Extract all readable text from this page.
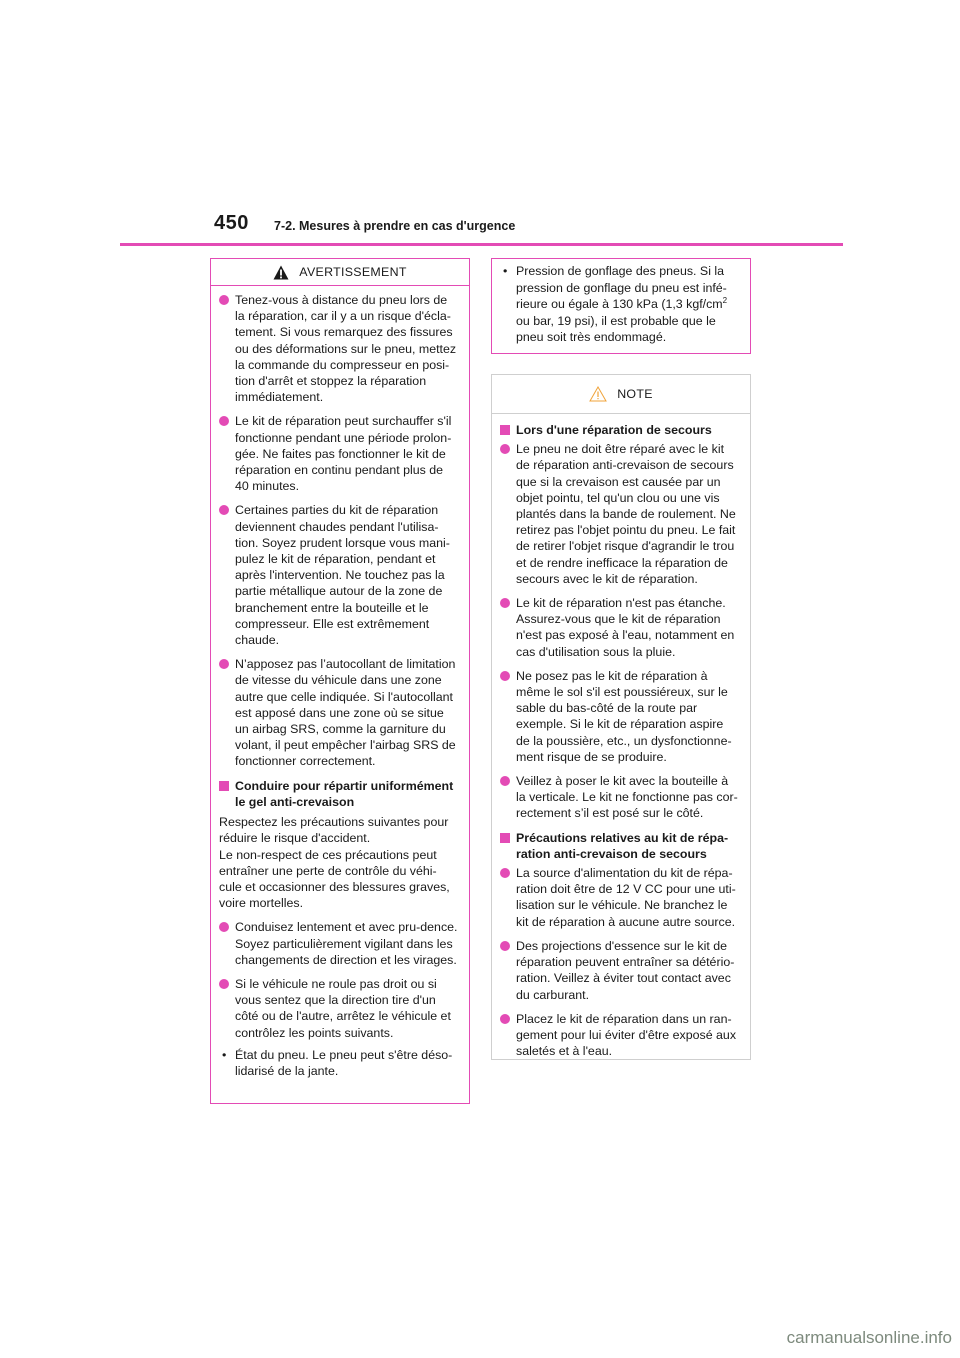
450 7-2. Mesures à prendre en cas d'urgence
AVERTISSEMENT
Tenez-vous à distance du pneu lors de la réparation, car il y a un risque d'écla-tement. Si vous remarquez des fissures ou des déformations sur le pneu, mettez la commande du compresseur en posi-tion d'arrêt et stoppez la réparation immédiatement.
Le kit de réparation peut surchauffer s'il fonctionne pendant une période prolon-gée. Ne faites pas fonctionner le kit de réparation en continu pendant plus de 40 minutes.
Certaines parties du kit de réparation deviennent chaudes pendant l'utilisa-tion. Soyez prudent lorsque vous mani-pulez le kit de réparation, pendant et après l'intervention. Ne touchez pas la partie métallique autour de la zone de branchement entre la bouteille et le compresseur. Elle est extrêmement chaude.
N’apposez pas l’autocollant de limitation de vitesse du véhicule dans une zone autre que celle indiquée. Si l'autocollant est apposé dans une zone où se situe un airbag SRS, comme la garniture du volant, il peut empêcher l'airbag SRS de fonctionner correctement.
Conduire pour répartir uniformément le gel anti-crevaison

Respectez les précautions suivantes pour réduire le risque d'accident.

Le non-respect de ces précautions peut entraîner une perte de contrôle du véhi-cule et occasionner des blessures graves, voire mortelles.

Conduisez lentement et avec pru-dence. Soyez particulièrement vigilant dans les changements de direction et les virages.
Si le véhicule ne roule pas droit ou si vous sentez que la direction tire d'un côté ou de l'autre, arrêtez le véhicule et contrôlez les points suivants.
• État du pneu. Le pneu peut s'être déso-lidarisé de la jante.
• Pression de gonflage des pneus. Si la pression de gonflage du pneu est infé-rieure ou égale à 130 kPa (1,3 kgf/$cm^2$ ou bar, 19 psi), il est probable que le pneu soit très endommagé.
NOTE
Lors d'une réparation de secours
Le pneu ne doit être réparé avec le kit de réparation anti-crevaison de secours que si la crevaison est causée par un objet pointu, tel qu'un clou ou une vis plantés dans la bande de roulement. Ne retirez pas l'objet pointu du pneu. Le fait de retirer l'objet risque d'agrandir le trou et de rendre inefficace la réparation de secours avec le kit de réparation.
Le kit de réparation n'est pas étanche. Assurez-vous que le kit de réparation n'est pas exposé à l'eau, notamment en cas d'utilisation sous la pluie.
Ne posez pas le kit de réparation à même le sol s'il est poussiéreux, sur le sable du bas-côté de la route par exemple. Si le kit de réparation aspire de la poussière, etc., un dysfonctionne-ment risque de se produire.
Veillez à poser le kit avec la bouteille à la verticale. Le kit ne fonctionne pas cor-rectement s’il est posé sur le côté.
Précautions relatives au kit de répa-ration anti-crevaison de secours
La source d'alimentation du kit de répa-ration doit être de 12 V CC pour une uti-lisation sur le véhicule. Ne branchez le kit de réparation à aucune autre source.
Des projections d'essence sur le kit de réparation peuvent entraîner sa détério-ration. Veillez à éviter tout contact avec du carburant.
Placez le kit de réparation dans un ran-gement pour lui éviter d'être exposé aux saletés et à l'eau.
carmanualsonline.info
